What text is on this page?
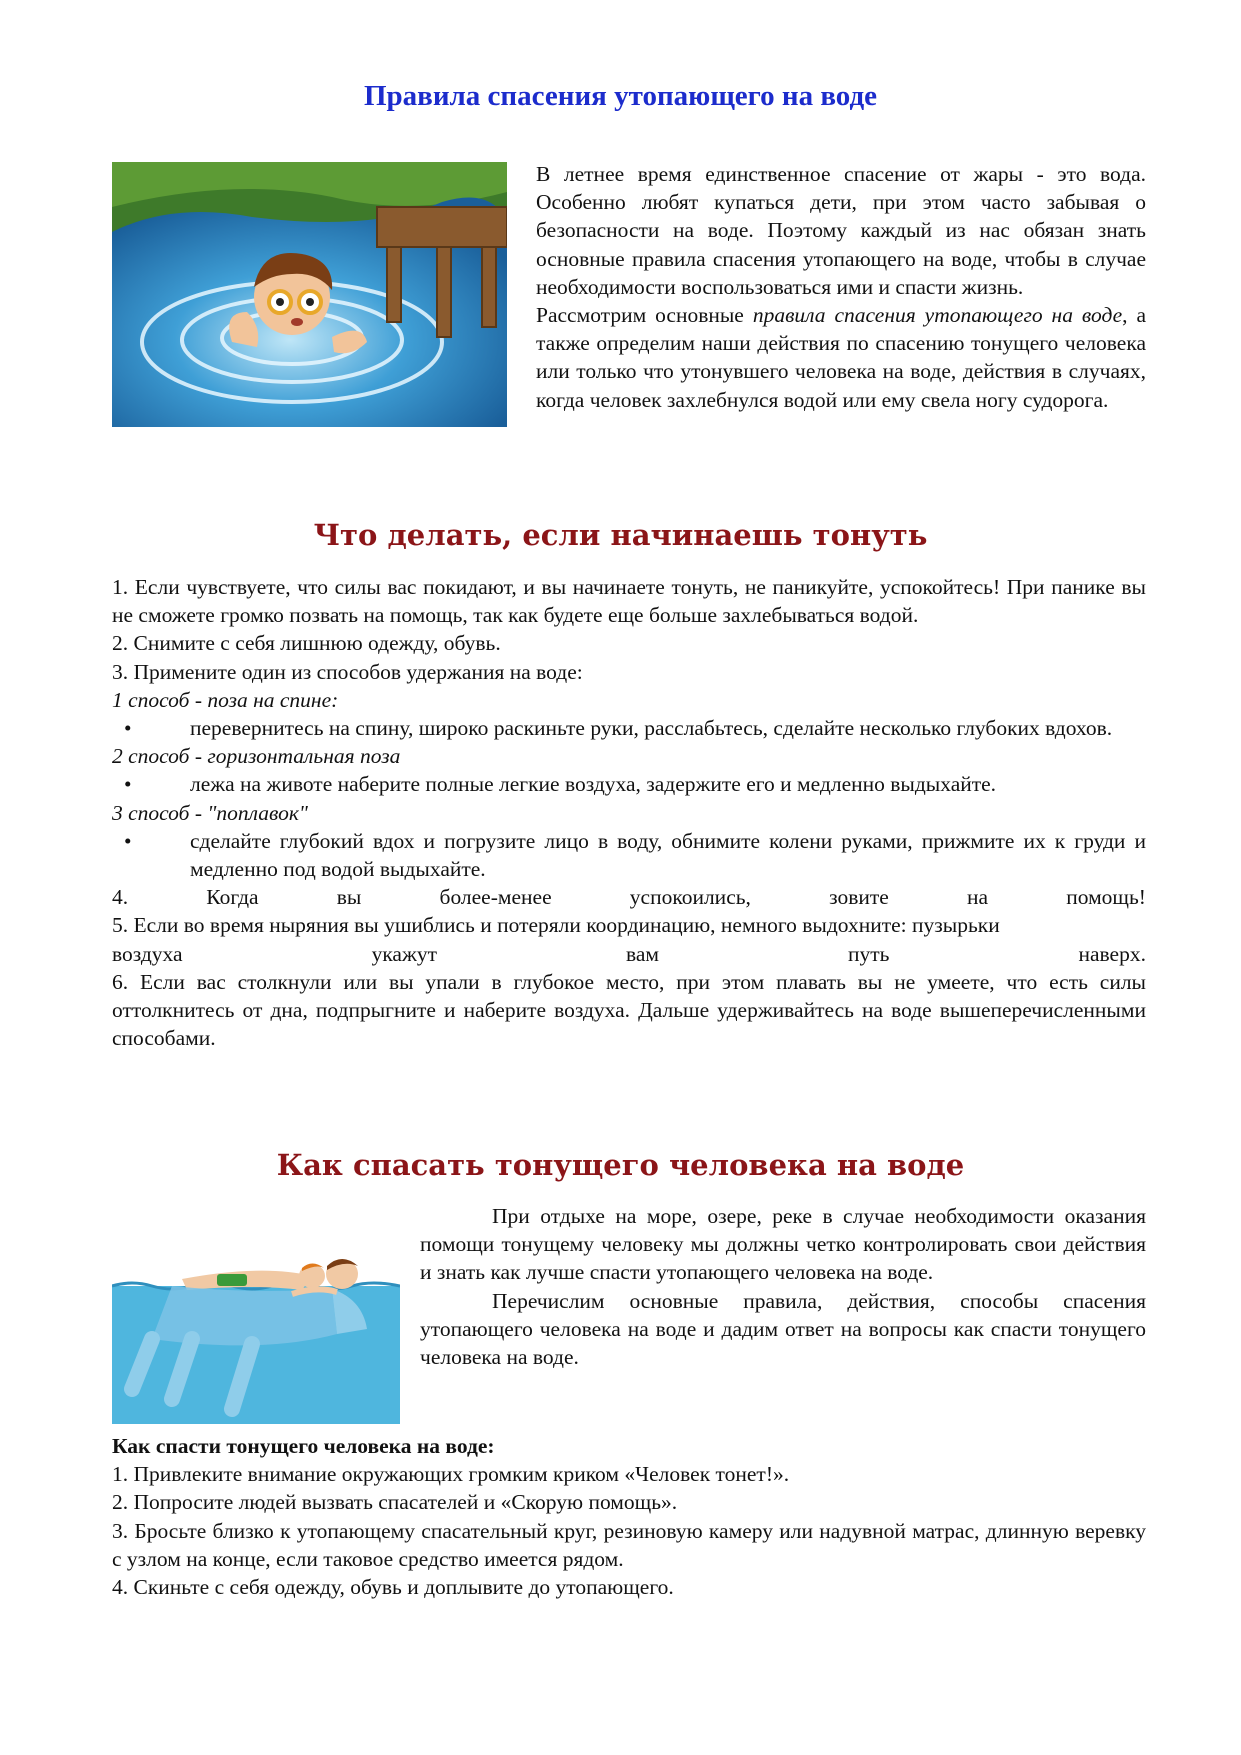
Правила спасения утопающего на воде

В летнее время единственное спасение от жары - это вода. Особенно любят купаться дети, при этом часто забывая о безопасности на воде. Поэтому каждый из нас обязан знать основные правила спасения утопающего на воде, чтобы в случае необходимости воспользоваться ими и спасти жизнь.

Рассмотрим основные правила спасения утопающего на воде, а также определим наши действия по спасению тонущего человека или только что утонувшего человека на воде, действия в случаях, когда человек захлебнулся водой или ему свела ногу судорога.

Что делать, если начинаешь тонуть

1. Если чувствуете, что силы вас покидают, и вы начинаете тонуть, не паникуйте, успокойтесь! При панике вы не сможете громко позвать на помощь, так как будете еще больше захлебываться водой.

2. Снимите с себя лишнюю одежду, обувь.

3. Примените один из способов удержания на воде:

1 способ - поза на спине:

•	перевернитесь на спину, широко раскиньте руки, расслабьтесь, сделайте несколько глубоких вдохов.

2 способ - горизонтальная поза

•	лежа на животе наберите полные легкие воздуха, задержите его и медленно выдыхайте.

3 способ - "поплавок"

•	сделайте глубокий вдох и погрузите лицо в воду, обнимите колени руками, прижмите их к груди и медленно под водой выдыхайте.
4.	Когда	вы	более-менее	успокоились,	зовите	на	помощь!

5. Если во время ныряния вы ушиблись и потеряли координацию, немного выдохните: пузырьки

воздуха	укажут	вам	путь	наверх.

6. Если вас столкнули или вы упали в глубокое место, при этом плавать вы не умеете, что есть силы оттолкнитесь от дна, подпрыгните и наберите воздуха. Дальше удерживайтесь на воде вышеперечисленными способами.

Как спасать тонущего человека на воде

При отдыхе на море, озере, реке в случае необходимости оказания помощи тонущему человеку мы должны четко контролировать свои действия и знать как лучше спасти утопающего человека на воде.

Перечислим основные правила, действия, способы спасения утопающего человека на воде и дадим ответ на вопросы как спасти тонущего человека на воде.

Как спасти тонущего человека на воде:

1. Привлеките внимание окружающих громким криком «Человек тонет!».

2. Попросите людей вызвать спасателей и «Скорую помощь».

3. Бросьте близко к утопающему спасательный круг, резиновую камеру или надувной матрас, длинную веревку с узлом на конце, если таковое средство имеется рядом.

4. Скиньте с себя одежду, обувь и доплывите до утопающего.
